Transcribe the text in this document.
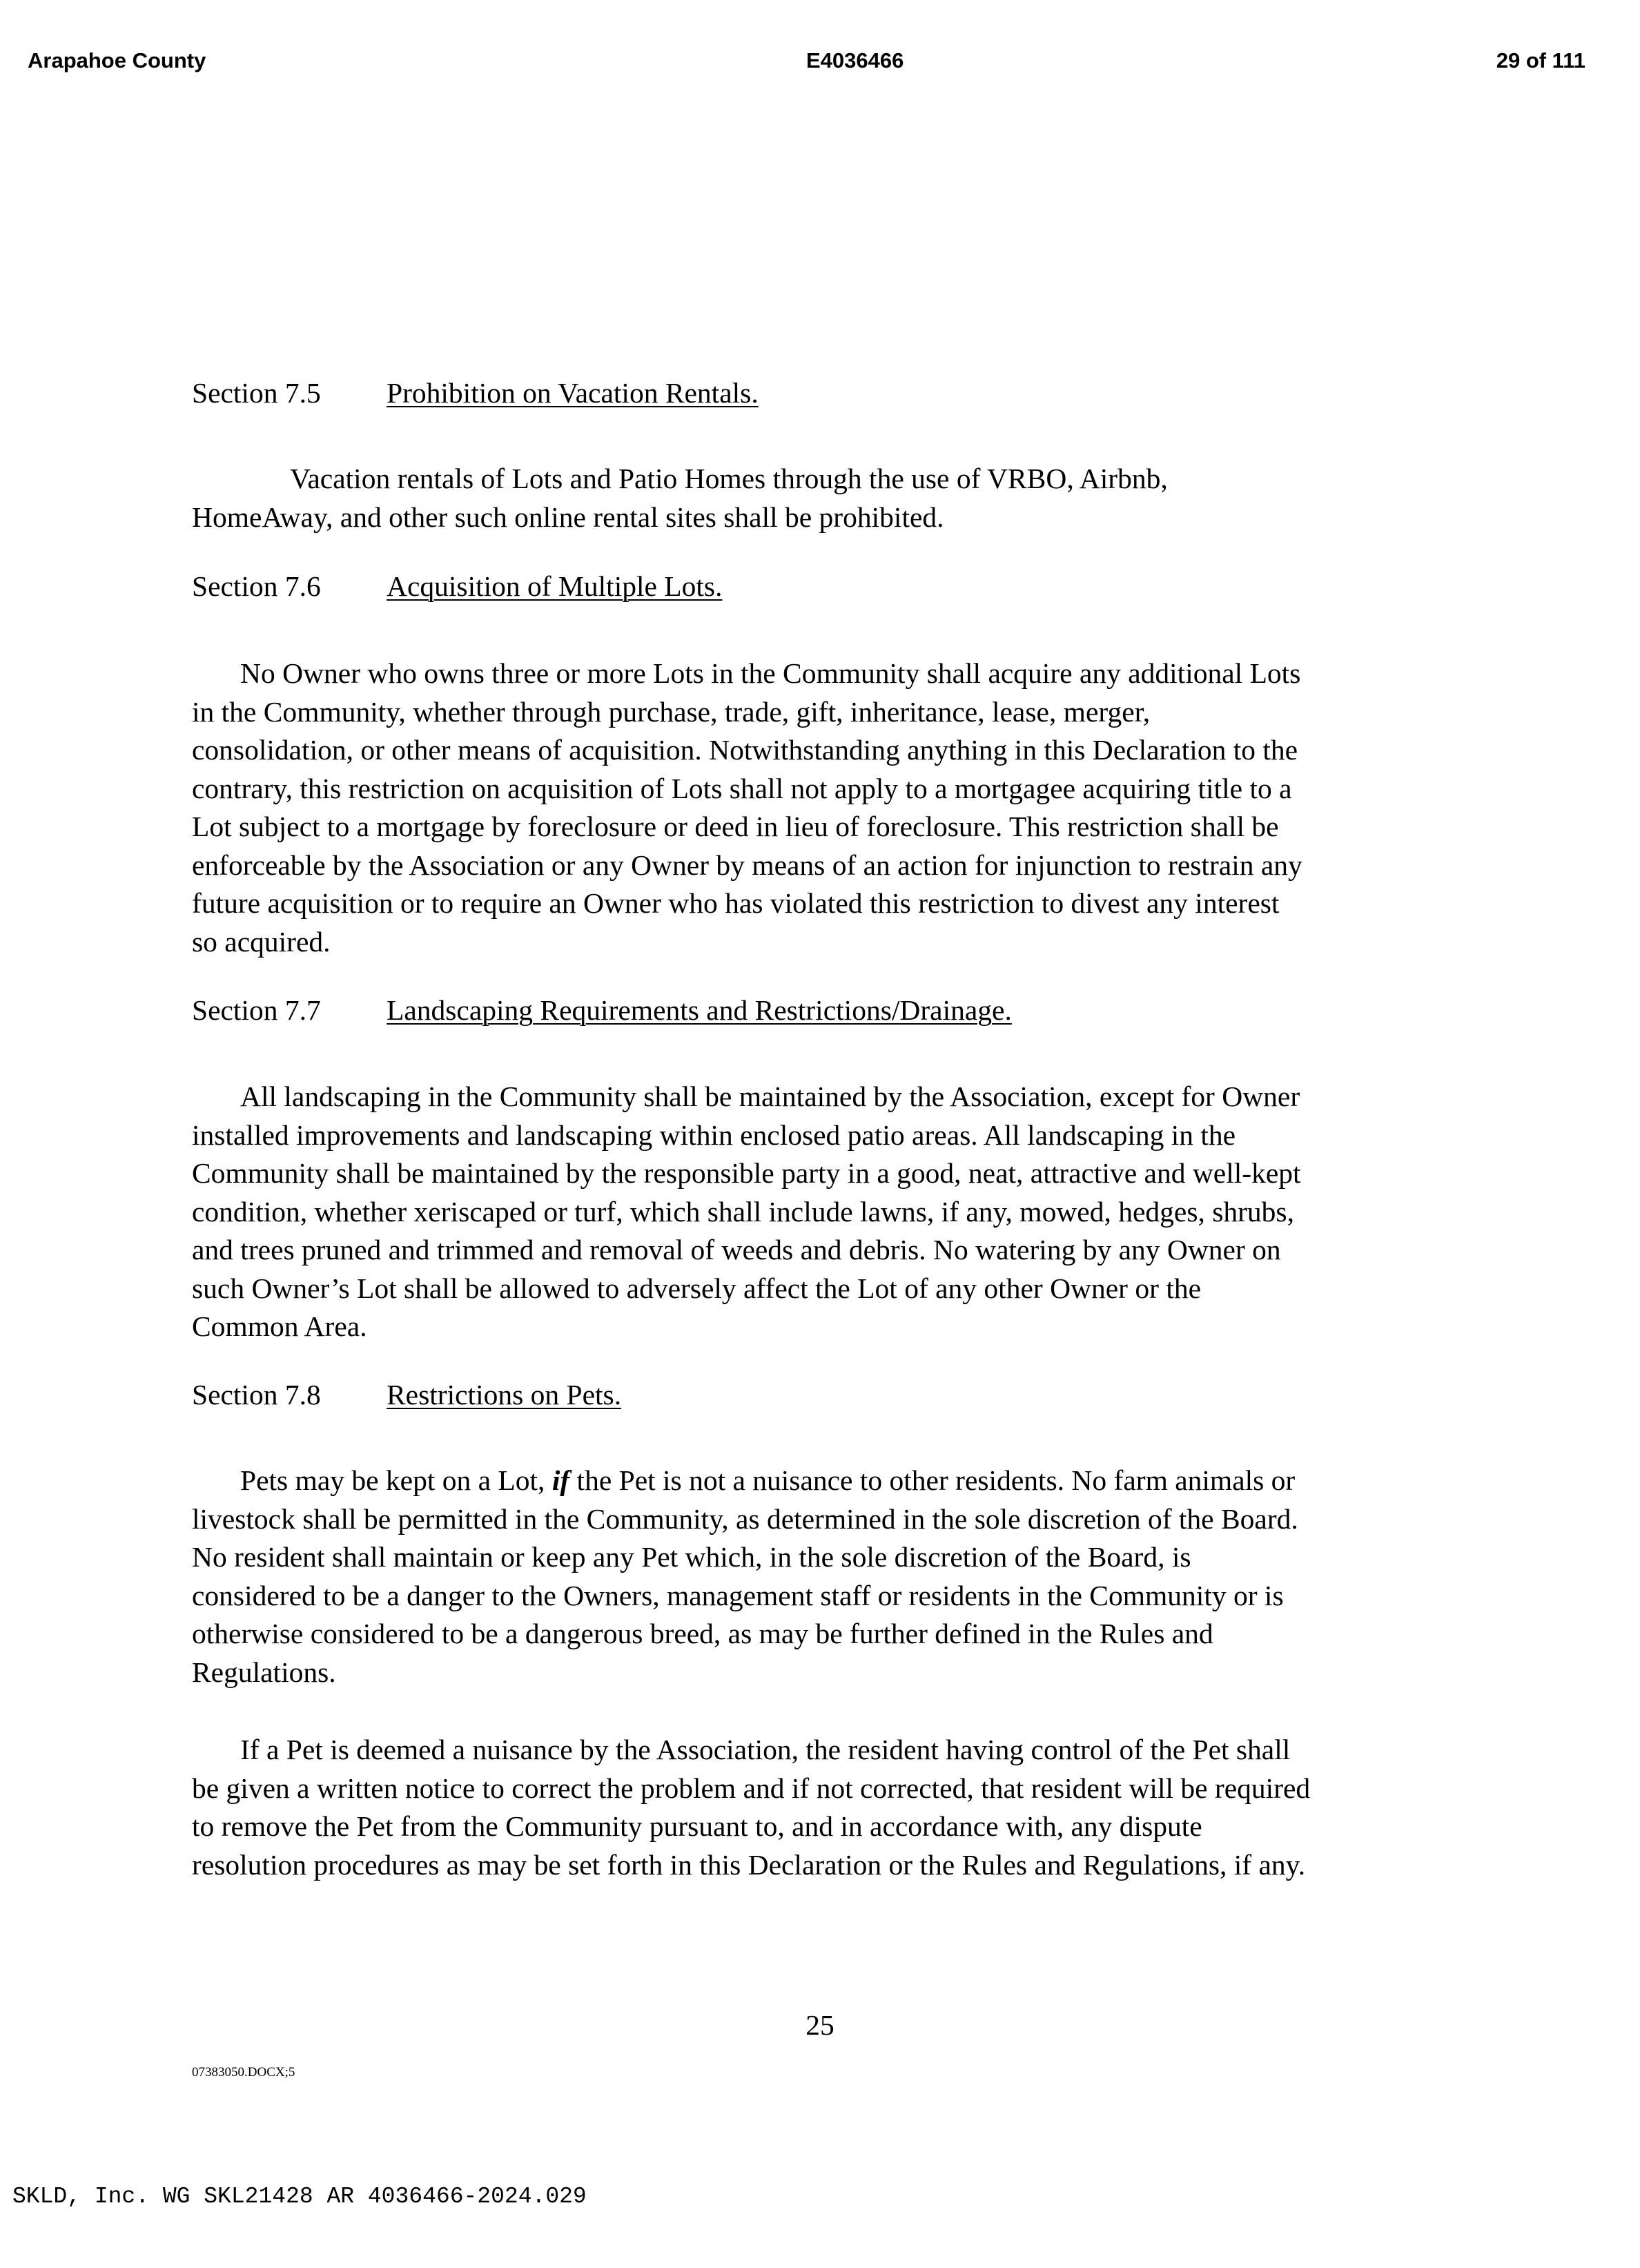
Arapahoe County	E4036466	29 of 111
Section 7.5 Prohibition on Vacation Rentals.
Vacation rentals of Lots and Patio Homes through the use of VRBO, Airbnb,
HomeAway, and other such online rental sites shall be prohibited.
Section 7.6 Acquisition of Multiple Lots.
No Owner who owns three or more Lots in the Community shall acquire any additional Lots
in the Community, whether through purchase, trade, gift, inheritance, lease, merger,
consolidation, or other means of acquisition. Notwithstanding anything in this Declaration to the
contrary, this restriction on acquisition of Lots shall not apply to a mortgagee acquiring title to a
Lot subject to a mortgage by foreclosure or deed in lieu of foreclosure. This restriction shall be
enforceable by the Association or any Owner by means of an action for injunction to restrain any
future acquisition or to require an Owner who has violated this restriction to divest any interest
so acquired.
Section 7.7 Landscaping Requirements and Restrictions/Drainage.
All landscaping in the Community shall be maintained by the Association, except for Owner
installed improvements and landscaping within enclosed patio areas. All landscaping in the
Community shall be maintained by the responsible party in a good, neat, attractive and well-kept
condition, whether xeriscaped or turf, which shall include lawns, if any, mowed, hedges, shrubs,
and trees pruned and trimmed and removal of weeds and debris. No watering by any Owner on
such Owner’s Lot shall be allowed to adversely affect the Lot of any other Owner or the
Common Area.
Section 7.8 Restrictions on Pets.
Pets may be kept on a Lot, if the Pet is not a nuisance to other residents. No farm animals or
livestock shall be permitted in the Community, as determined in the sole discretion of the Board.
No resident shall maintain or keep any Pet which, in the sole discretion of the Board, is
considered to be a danger to the Owners, management staff or residents in the Community or is
otherwise considered to be a dangerous breed, as may be further defined in the Rules and
Regulations.
If a Pet is deemed a nuisance by the Association, the resident having control of the Pet shall
be given a written notice to correct the problem and if not corrected, that resident will be required
to remove the Pet from the Community pursuant to, and in accordance with, any dispute
resolution procedures as may be set forth in this Declaration or the Rules and Regulations, if any.
25
07383050.DOCX;5
SKLD, Inc. WG SKL21428 AR 4036466-2024.029
